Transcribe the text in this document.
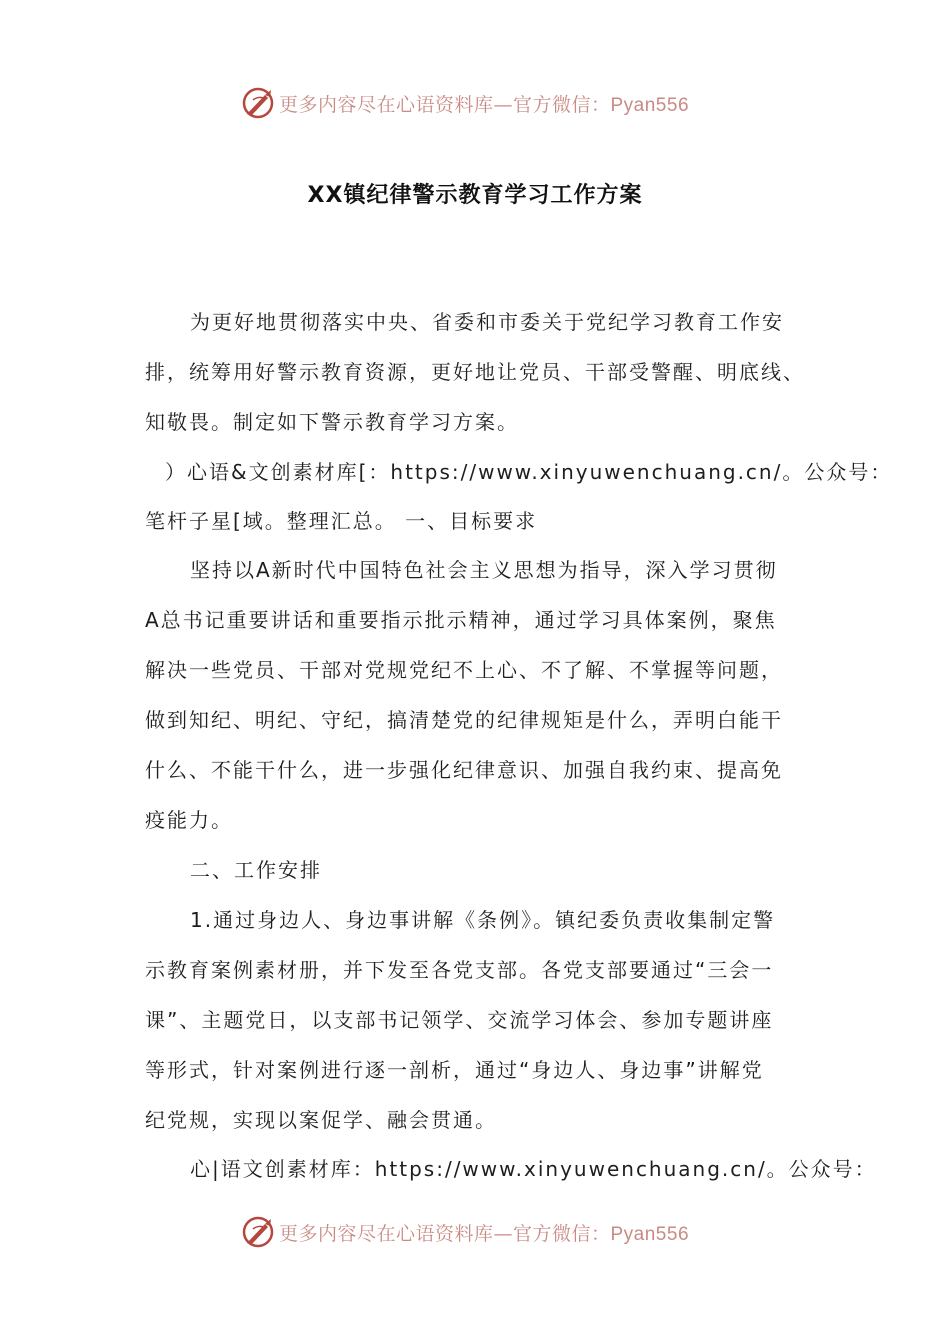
更多内容尽在心语资料库—官方微信：Pyan556
XX镇纪律警示教育学习工作方案
为更好地贯彻落实中央、省委和市委关于党纪学习教育工作安
排，统筹用好警示教育资源，更好地让党员、干部受警醒、明底线、
知敬畏。制定如下警示教育学习方案。
）心语&文创素材库[：https://www.xinyuwenchuang.cn/。公众号：
笔杆子星[域。整理汇总。 一、目标要求
坚持以A新时代中国特色社会主义思想为指导，深入学习贯彻
A总书记重要讲话和重要指示批示精神，通过学习具体案例，聚焦
解决一些党员、干部对党规党纪不上心、不了解、不掌握等问题，
做到知纪、明纪、守纪，搞清楚党的纪律规矩是什么，弄明白能干
什么、不能干什么，进一步强化纪律意识、加强自我约束、提高免
疫能力。
二、工作安排
1.通过身边人、身边事讲解《条例》。镇纪委负责收集制定警
示教育案例素材册，并下发至各党支部。各党支部要通过“三会一
课”、主题党日，以支部书记领学、交流学习体会、参加专题讲座
等形式，针对案例进行逐一剖析，通过“身边人、身边事”讲解党
纪党规，实现以案促学、融会贯通。
心|语文创素材库：https://www.xinyuwenchuang.cn/。公众号：
更多内容尽在心语资料库—官方微信：Pyan556
